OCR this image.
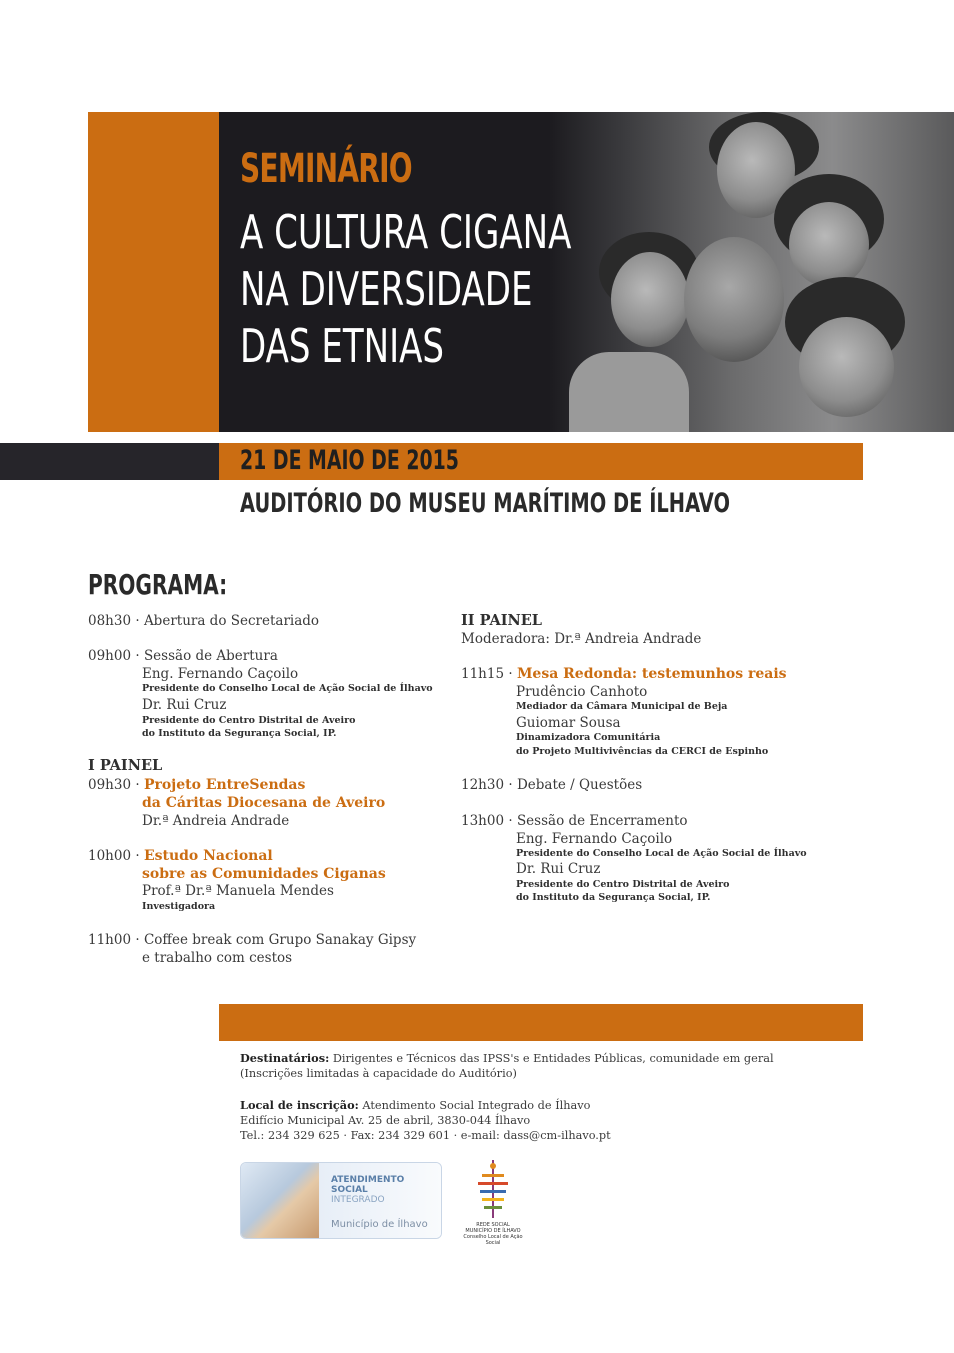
SEMINÁRIO
A CULTURA CIGANA
NA DIVERSIDADE
DAS ETNIAS
21 DE MAIO DE 2015
AUDITÓRIO DO MUSEU MARÍTIMO DE ÍLHAVO
PROGRAMA:
08h30 · Abertura do Secretariado
09h00 · Sessão de Abertura
Eng. Fernando Caçoilo
Presidente do Conselho Local de Ação Social de Ílhavo
Dr. Rui Cruz
Presidente do Centro Distrital de Aveiro
do Instituto da Segurança Social, IP.
I PAINEL
09h30 · Projeto EntreSendas
da Cáritas Diocesana de Aveiro
Dr.ª Andreia Andrade
10h00 · Estudo Nacional
sobre as Comunidades Ciganas
Prof.ª Dr.ª Manuela Mendes
Investigadora
11h00 · Coffee break com Grupo Sanakay Gipsy
e trabalho com cestos
II PAINEL
Moderadora: Dr.ª Andreia Andrade
11h15 · Mesa Redonda: testemunhos reais
Prudêncio Canhoto
Mediador da Câmara Municipal de Beja
Guiomar Sousa
Dinamizadora Comunitária
do Projeto Multivivências da CERCI de Espinho
12h30 · Debate / Questões
13h00 · Sessão de Encerramento
Eng. Fernando Caçoilo
Presidente do Conselho Local de Ação Social de Ílhavo
Dr. Rui Cruz
Presidente do Centro Distrital de Aveiro
do Instituto da Segurança Social, IP.
Destinatários: Dirigentes e Técnicos das IPSS's e Entidades Públicas, comunidade em geral
(Inscrições limitadas à capacidade do Auditório)
Local de inscrição: Atendimento Social Integrado de Ílhavo
Edifício Municipal Av. 25 de abril, 3830-044 Ílhavo
Tel.: 234 329 625 · Fax: 234 329 601 · e-mail: dass@cm-ilhavo.pt
ATENDIMENTO
SOCIAL
INTEGRADO
Município de Ílhavo	REDE SOCIAL
MUNICÍPIO DE ÍLHAVO
Conselho Local de Ação Social
